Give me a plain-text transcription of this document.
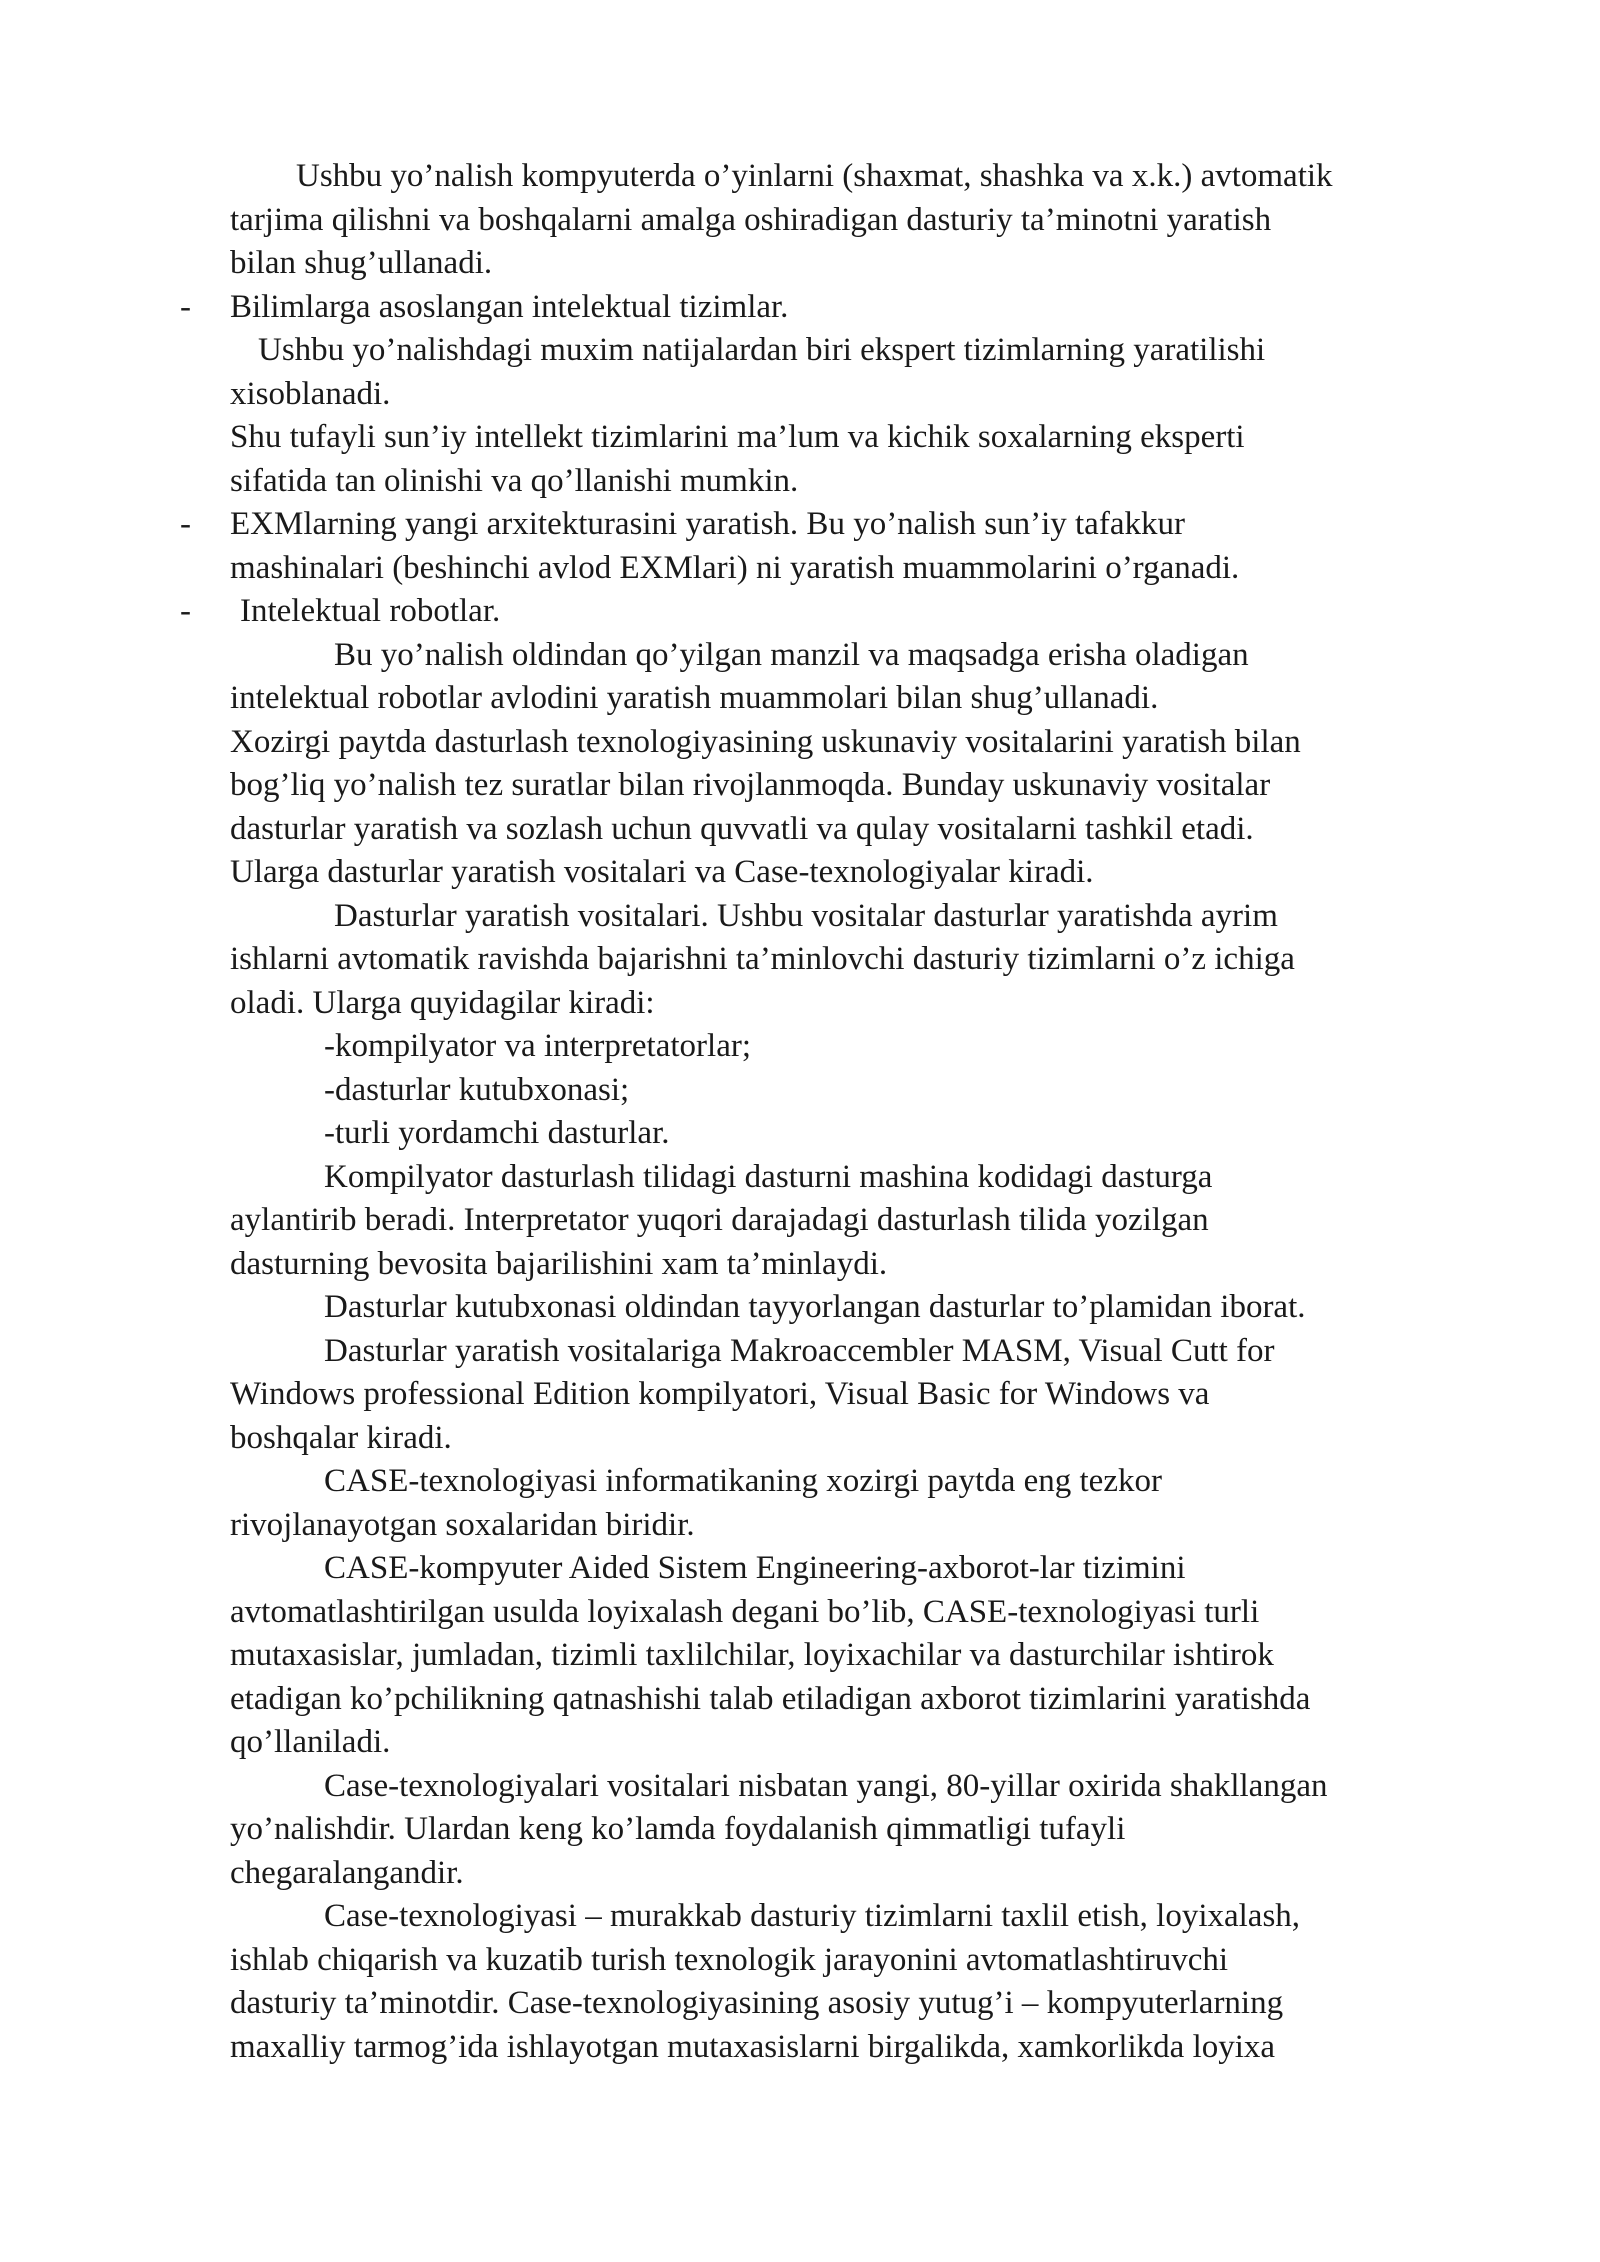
Ushbu yo’nalish kompyuterda o’yinlarni (shaxmat, shashka va x.k.) avtomatik
tarjima qilishni va boshqalarni amalga oshiradigan dasturiy ta’minotni yaratish
bilan shug’ullanadi.
- Bilimlarga asoslangan intelektual tizimlar.
Ushbu yo’nalishdagi muxim natijalardan biri ekspert tizimlarning yaratilishi
xisoblanadi.
Shu tufayli sun’iy intellekt tizimlarini ma’lum va kichik soxalarning eksperti
sifatida tan olinishi va qo’llanishi mumkin.
- EXMlarning yangi arxitekturasini yaratish. Bu yo’nalish sun’iy tafakkur
mashinalari (beshinchi avlod EXMlari) ni yaratish muammolarini o’rganadi.
- Intelektual robotlar.
Bu yo’nalish oldindan qo’yilgan manzil va maqsadga erisha oladigan
intelektual robotlar avlodini yaratish muammolari bilan shug’ullanadi.
Xozirgi paytda dasturlash texnologiyasining uskunaviy vositalarini yaratish bilan
bog’liq yo’nalish tez suratlar bilan rivojlanmoqda. Bunday uskunaviy vositalar
dasturlar yaratish va sozlash uchun quvvatli va qulay vositalarni tashkil etadi.
Ularga dasturlar yaratish vositalari va Case-texnologiyalar kiradi.
Dasturlar yaratish vositalari. Ushbu vositalar dasturlar yaratishda ayrim
ishlarni avtomatik ravishda bajarishni ta’minlovchi dasturiy tizimlarni o’z ichiga
oladi. Ularga quyidagilar kiradi:
-kompilyator va interpretatorlar;
-dasturlar kutubxonasi;
-turli yordamchi dasturlar.
Kompilyator dasturlash tilidagi dasturni mashina kodidagi dasturga
aylantirib beradi. Interpretator yuqori darajadagi dasturlash tilida yozilgan
dasturning bevosita bajarilishini xam ta’minlaydi.
Dasturlar kutubxonasi oldindan tayyorlangan dasturlar to’plamidan iborat.
Dasturlar yaratish vositalariga Makroaccembler MASM, Visual Cutt for
Windows professional Edition kompilyatori, Visual Basic for Windows va
boshqalar kiradi.
CASE-texnologiyasi informatikaning xozirgi paytda eng tezkor
rivojlanayotgan soxalaridan biridir.
CASE-kompyuter Aided Sistem Engineering-axborot-lar tizimini
avtomatlashtirilgan usulda loyixalash degani bo’lib, CASE-texnologiyasi turli
mutaxasislar, jumladan, tizimli taxlilchilar, loyixachilar va dasturchilar ishtirok
etadigan ko’pchilikning qatnashishi talab etiladigan axborot tizimlarini yaratishda
qo’llaniladi.
Case-texnologiyalari vositalari nisbatan yangi, 80-yillar oxirida shakllangan
yo’nalishdir. Ulardan keng ko’lamda foydalanish qimmatligi tufayli
chegaralangandir.
Case-texnologiyasi – murakkab dasturiy tizimlarni taxlil etish, loyixalash,
ishlab chiqarish va kuzatib turish texnologik jarayonini avtomatlashtiruvchi
dasturiy ta’minotdir. Case-texnologiyasining asosiy yutug’i – kompyuterlarning
maxalliy tarmog’ida ishlayotgan mutaxasislarni birgalikda, xamkorlikda loyixa
